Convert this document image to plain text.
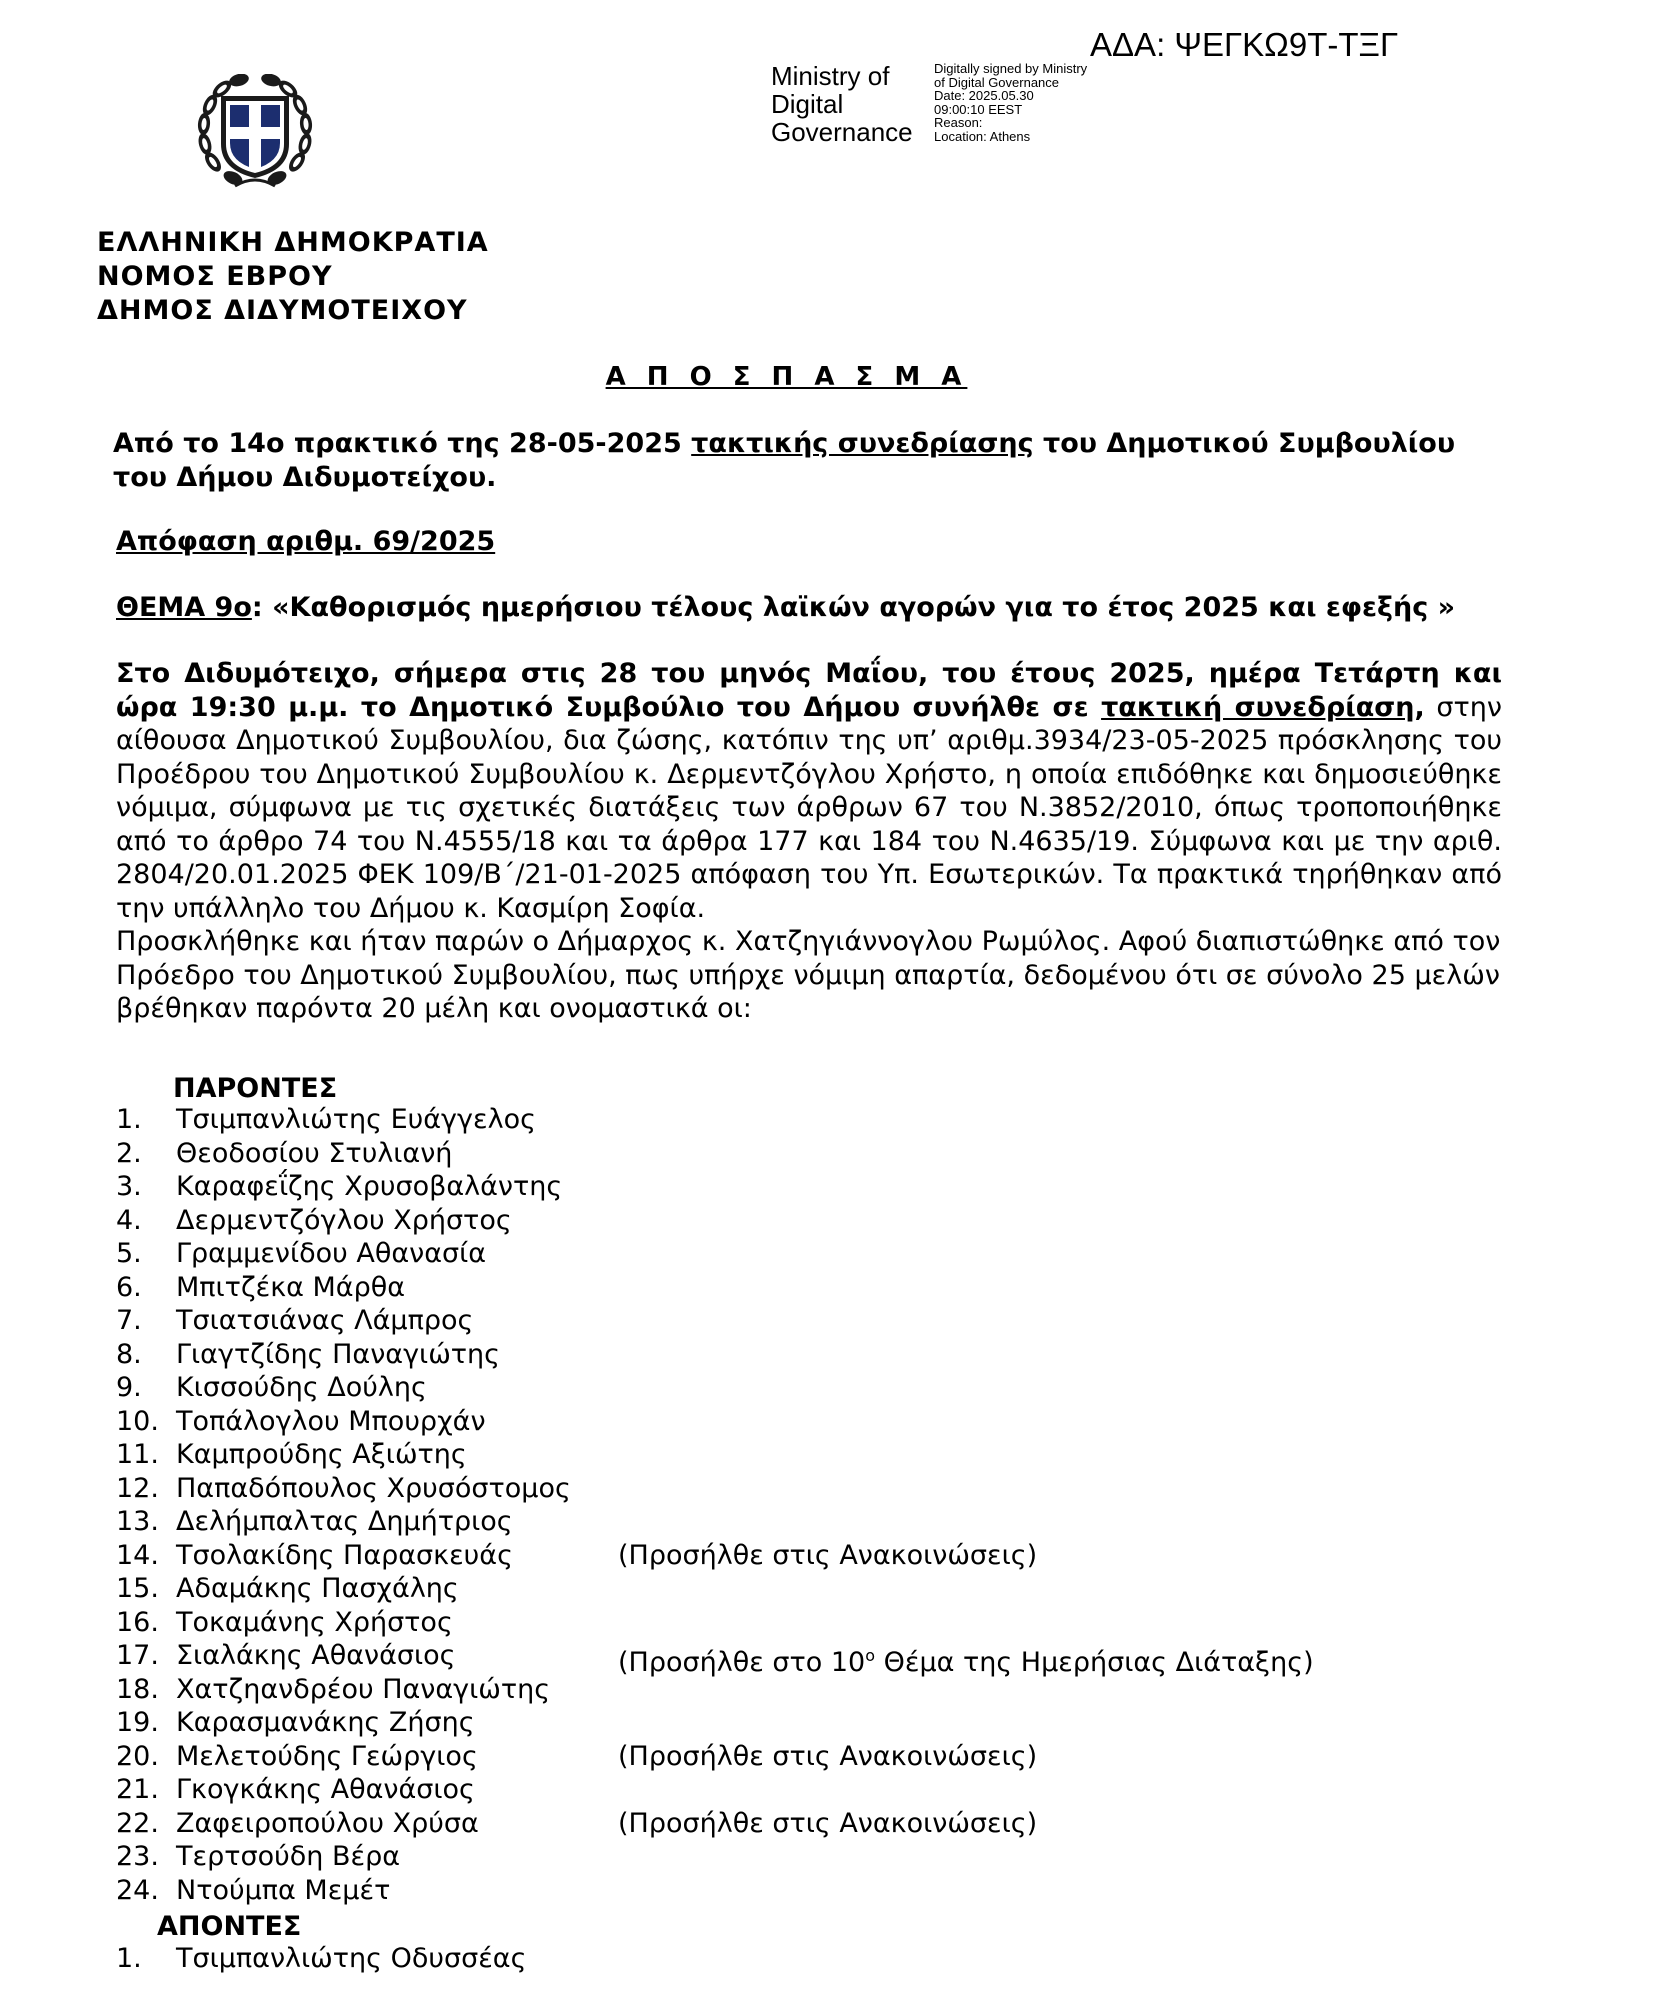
ΑΔΑ: ΨΕΓΚΩ9Τ-ΤΞΓ
Ministry of
Digital
Governance
Digitally signed by Ministry
of Digital Governance
Date: 2025.05.30
09:00:10 EEST
Reason:
Location: Athens
ΕΛΛΗΝΙΚΗ ΔΗΜΟΚΡΑΤΙΑ
ΝΟΜΟΣ ΕΒΡΟΥ
ΔΗΜΟΣ ΔΙΔΥΜΟΤΕΙΧΟΥ
Α Π Ο Σ Π Α Σ Μ Α
Από το 14ο πρακτικό της 28-05-2025 τακτικής συνεδρίασης του Δημοτικού Συμβουλίου του Δήμου Διδυμοτείχου.
Απόφαση αριθμ. 69/2025
ΘΕΜΑ 9ο: «Καθορισμός ημερήσιου τέλους λαϊκών αγορών για το έτος 2025 και εφεξής »

Στο Διδυμότειχο, σήμερα στις 28 του μηνός Μαΐου, του έτους 2025, ημέρα Τετάρτη και ώρα 19:30 μ.μ. το Δημοτικό Συμβούλιο του Δήμου συνήλθε σε τακτική συνεδρίαση, στην αίθουσα Δημοτικού Συμβουλίου, δια ζώσης, κατόπιν της υπ’ αριθμ.3934/23-05-2025 πρόσκλησης του Προέδρου του Δημοτικού Συμβουλίου κ. Δερμεντζόγλου Χρήστο, η οποία επιδόθηκε και δημοσιεύθηκε νόμιμα, σύμφωνα με τις σχετικές διατάξεις των άρθρων 67 του Ν.3852/2010, όπως τροποποιήθηκε από το άρθρο 74 του Ν.4555/18 και τα άρθρα 177 και 184 του Ν.4635/19. Σύμφωνα και με την αριθ. 2804/20.01.2025 ΦΕΚ 109/Β΄/21-01-2025 απόφαση του Υπ. Εσωτερικών. Τα πρακτικά τηρήθηκαν από την υπάλληλο του Δήμου κ. Κασμίρη Σοφία.

Προσκλήθηκε και ήταν παρών ο Δήμαρχος κ. Χατζηγιάννογλου Ρωμύλος. Αφού διαπιστώθηκε από τον Πρόεδρο του Δημοτικού Συμβουλίου, πως υπήρχε νόμιμη απαρτία, δεδομένου ότι σε σύνολο 25 μελών βρέθηκαν παρόντα 20 μέλη και ονομαστικά οι:

ΠΑΡΟΝΤΕΣ
1.	Τσιμπανλιώτης Ευάγγελος
2.	Θεοδοσίου Στυλιανή
3.	Καραφεΐζης Χρυσοβαλάντης
4.	Δερμεντζόγλου Χρήστος
5.	Γραμμενίδου Αθανασία
6.	Μπιτζέκα Μάρθα
7.	Τσιατσιάνας Λάμπρος
8.	Γιαγτζίδης Παναγιώτης
9.	Κισσούδης Δούλης
10. Τοπάλογλου Μπουρχάν
11. Καμπρούδης Αξιώτης
12. Παπαδόπουλος Χρυσόστομος
13. Δελήμπαλτας Δημήτριος
14. Τσολακίδης Παρασκευάς	(Προσήλθε στις Ανακοινώσεις)
15. Αδαμάκης Πασχάλης
16. Τοκαμάνης Χρήστος
17. Σιαλάκης Αθανάσιος	(Προσήλθε στο $10^o$ Θέμα της Ημερήσιας Διάταξης)
18. Χατζηανδρέου Παναγιώτης
19. Καρασμανάκης Ζήσης
20. Μελετούδης Γεώργιος	(Προσήλθε στις Ανακοινώσεις)
21. Γκογκάκης Αθανάσιος
22. Ζαφειροπούλου Χρύσα	(Προσήλθε στις Ανακοινώσεις)
23. Τερτσούδη Βέρα
24. Ντούμπα Μεμέτ
ΑΠΟΝΤΕΣ
1.	Τσιμπανλιώτης Οδυσσέας
